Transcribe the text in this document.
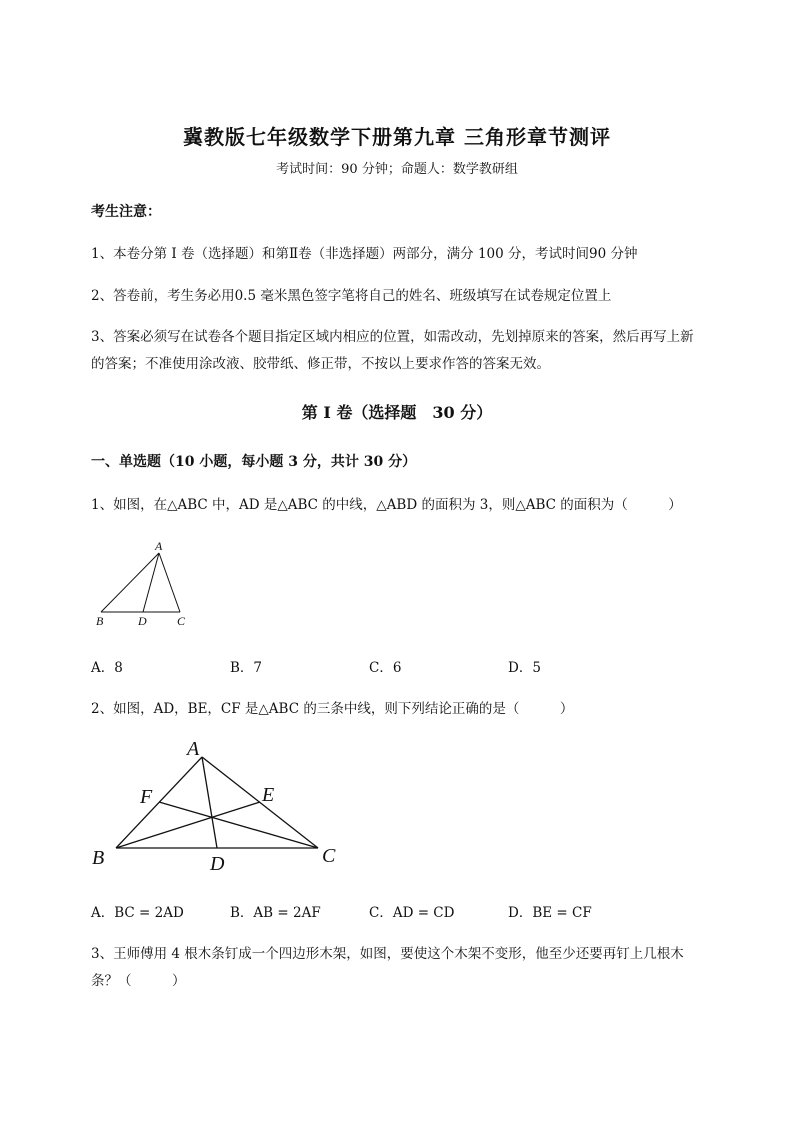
冀教版七年级数学下册第九章 三角形章节测评
考试时间：90 分钟；命题人：数学教研组
考生注意：
1、本卷分第 I 卷（选择题）和第Ⅱ卷（非选择题）两部分，满分 100 分，考试时间90 分钟
2、答卷前，考生务必用0.5 毫米黑色签字笔将自己的姓名、班级填写在试卷规定位置上
3、答案必须写在试卷各个题目指定区域内相应的位置，如需改动，先划掉原来的答案，然后再写上新
的答案；不准使用涂改液、胶带纸、修正带，不按以上要求作答的答案无效。
第 I 卷（选择题　30 分）
一、单选题（10 小题，每小题 3 分，共计 30 分）
1、如图，在△ABC 中，AD 是△ABC 的中线，△ABD 的面积为 3，则△ABC 的面积为（　　　）
A
B	D	C
A．8	B．7	C．6	D．5
2、如图，AD，BE，CF 是△ABC 的三条中线，则下列结论正确的是（　　　）
A
B	C
D
E
F
A．BC = 2AD	B．AB = 2AF	C．AD = CD	D．BE = CF
3、王师傅用 4 根木条钉成一个四边形木架，如图，要使这个木架不变形，他至少还要再钉上几根木
条？（　　　）
